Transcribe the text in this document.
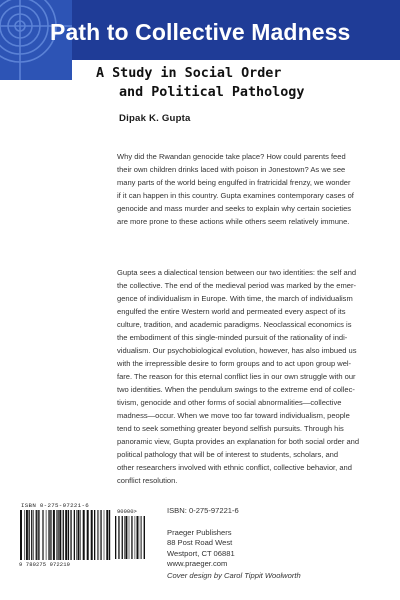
Path to Collective Madness
A Study in Social Order
and Political Pathology
Dipak K. Gupta
Why did the Rwandan genocide take place? How could parents feed
their own children drinks laced with poison in Jonestown? As we see
many parts of the world being engulfed in fratricidal frenzy, we wonder
if it can happen in this country. Gupta examines contemporary cases of
genocide and mass murder and seeks to explain why certain societies
are more prone to these actions while others seem relatively immune.
Gupta sees a dialectical tension between our two identities: the self and
the collective. The end of the medieval period was marked by the emer-
gence of individualism in Europe. With time, the march of individualism
engulfed the entire Western world and permeated every aspect of its
culture, tradition, and academic paradigms. Neoclassical economics is
the embodiment of this single-minded pursuit of the rationality of indi-
vidualism. Our psychobiological evolution, however, has also imbued us
with the irrepressible desire to form groups and to act upon group wel-
fare. The reason for this eternal conflict lies in our own struggle with our
two identities. When the pendulum swings to the extreme end of collec-
tivism, genocide and other forms of social abnormalities—collective
madness—occur. When we move too far toward individualism, people
tend to seek something greater beyond selfish pursuits. Through his
panoramic view, Gupta provides an explanation for both social order and
political pathology that will be of interest to students, scholars, and
other researchers involved with ethnic conflict, collective behavior, and
conflict resolution.
ISBN 0-275-97221-6
90000>
9 780275 972219
ISBN: 0-275-97221-6
Praeger Publishers
88 Post Road West
Westport, CT 06881
www.praeger.com
Cover design by Carol Tippit Woolworth
